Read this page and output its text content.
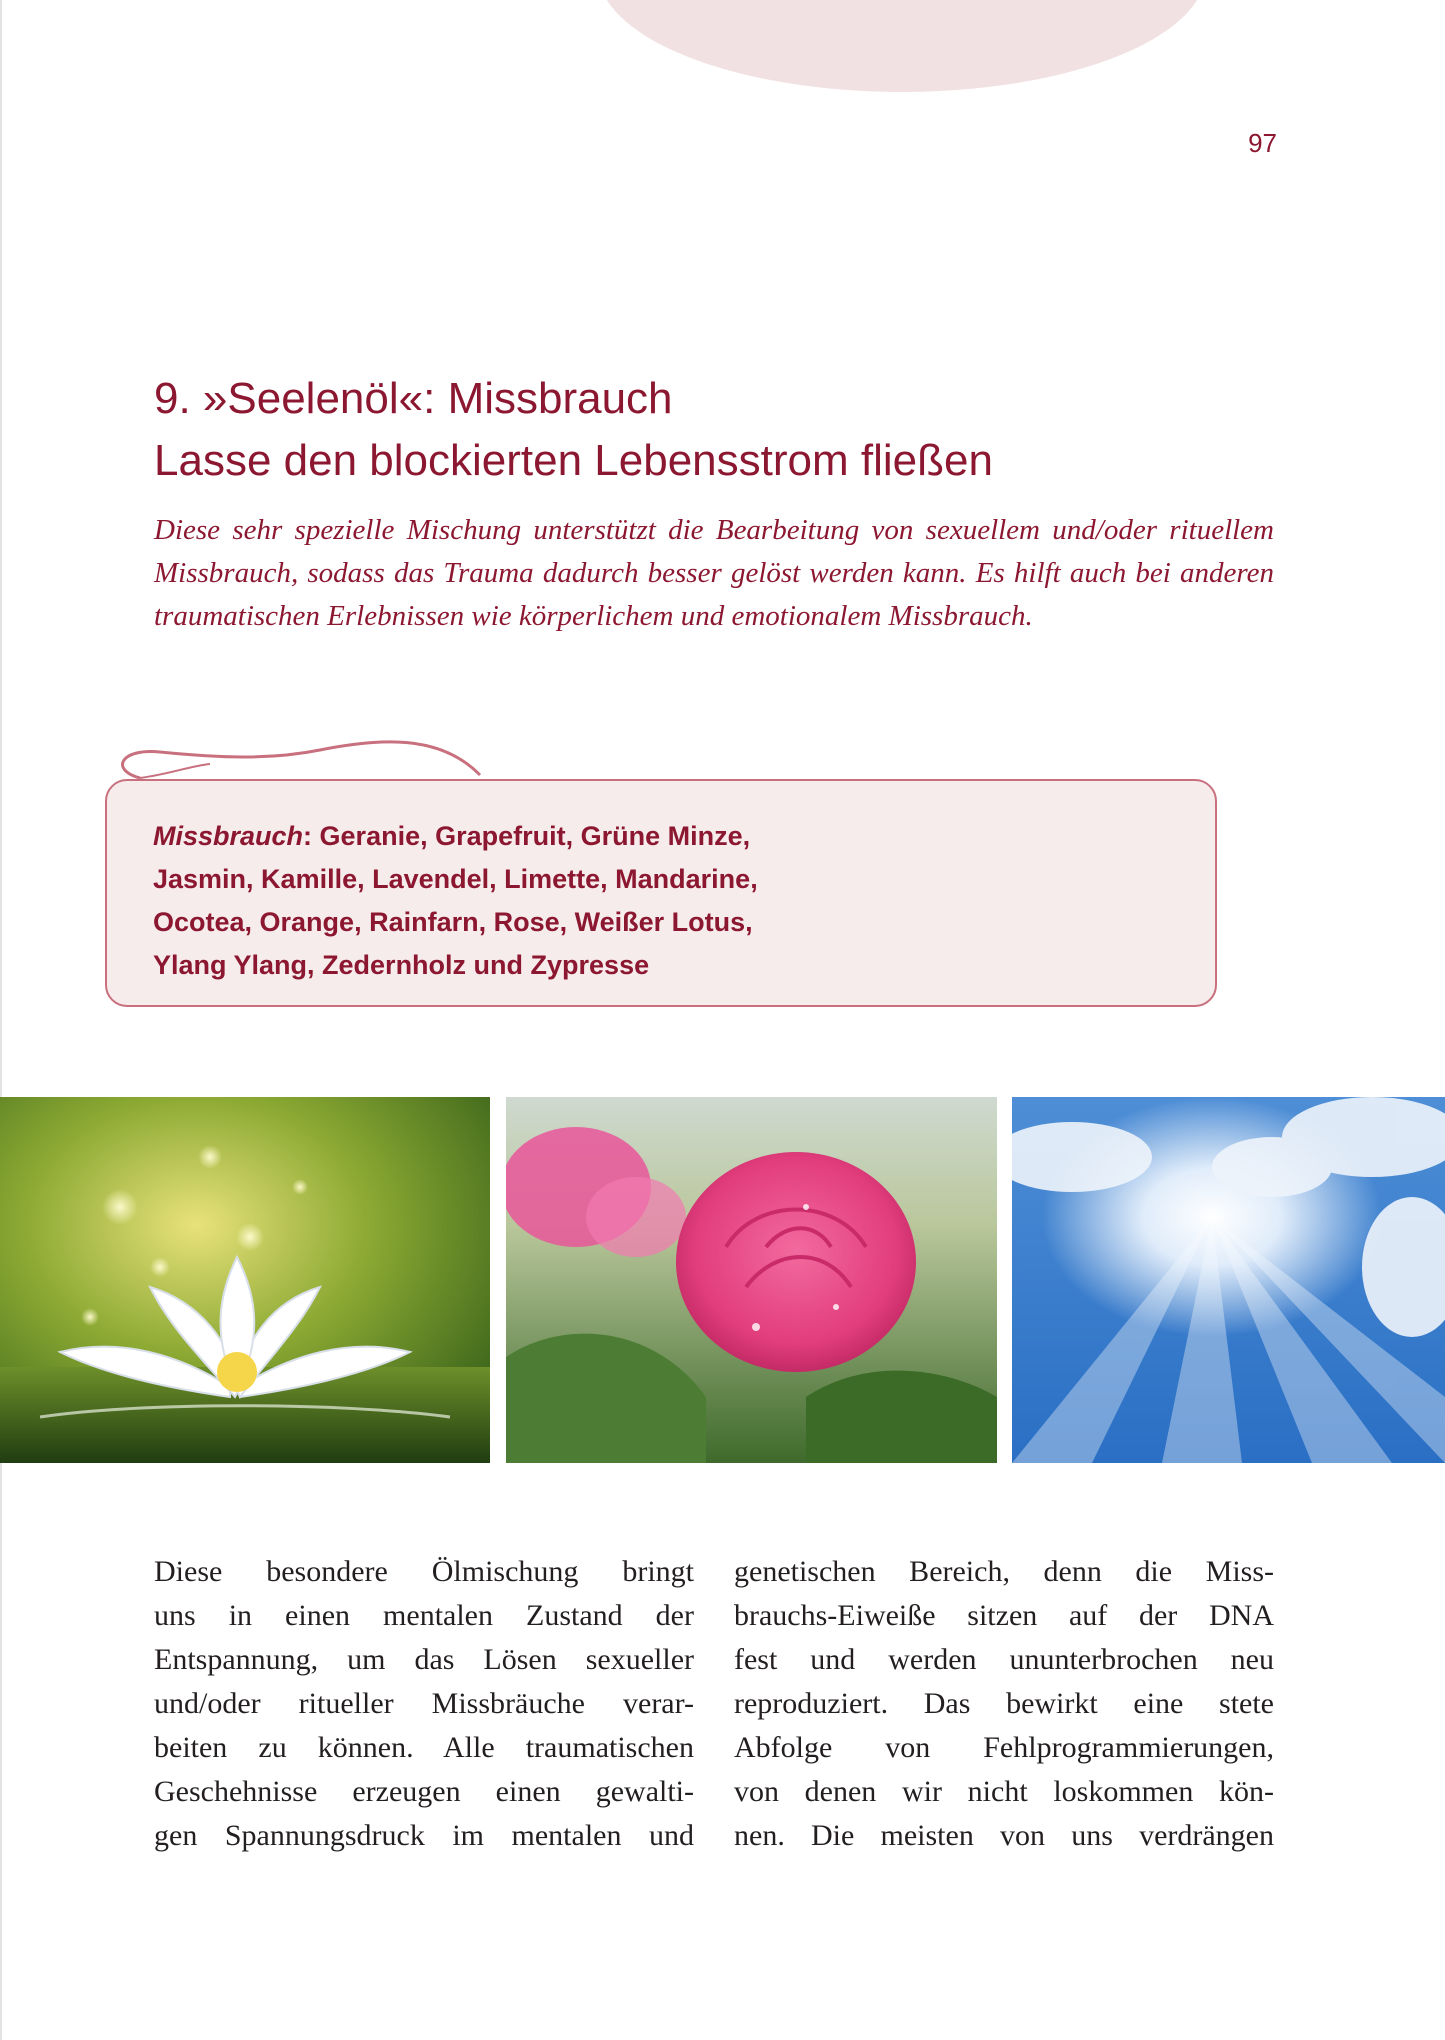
97
9. »Seelenöl«: Missbrauch
Lasse den blockierten Lebensstrom fließen

Diese sehr spezielle Mischung unterstützt die Bearbeitung von sexuellem und/oder rituellem Missbrauch, sodass das Trauma dadurch besser gelöst werden kann. Es hilft auch bei anderen traumatischen Erlebnissen wie körperlichem und emotionalem Missbrauch.

Missbrauch: Geranie, Grapefruit, Grüne Minze,
Jasmin, Kamille, Lavendel, Limette, Mandarine,
Ocotea, Orange, Rainfarn, Rose, Weißer Lotus,
Ylang Ylang, Zedernholz und Zypresse
Diese besondere Ölmischung bringt
uns in einen mentalen Zustand der
Entspannung, um das Lösen sexueller
und/oder ritueller Missbräuche verar-
beiten zu können. Alle traumatischen
Geschehnisse erzeugen einen gewalti-
gen Spannungsdruck im mentalen und
genetischen Bereich, denn die Miss-
brauchs-Eiweiße sitzen auf der DNA
fest und werden ununterbrochen neu
reproduziert. Das bewirkt eine stete
Abfolge von Fehlprogrammierungen,
von denen wir nicht loskommen kön-
nen. Die meisten von uns verdrängen
